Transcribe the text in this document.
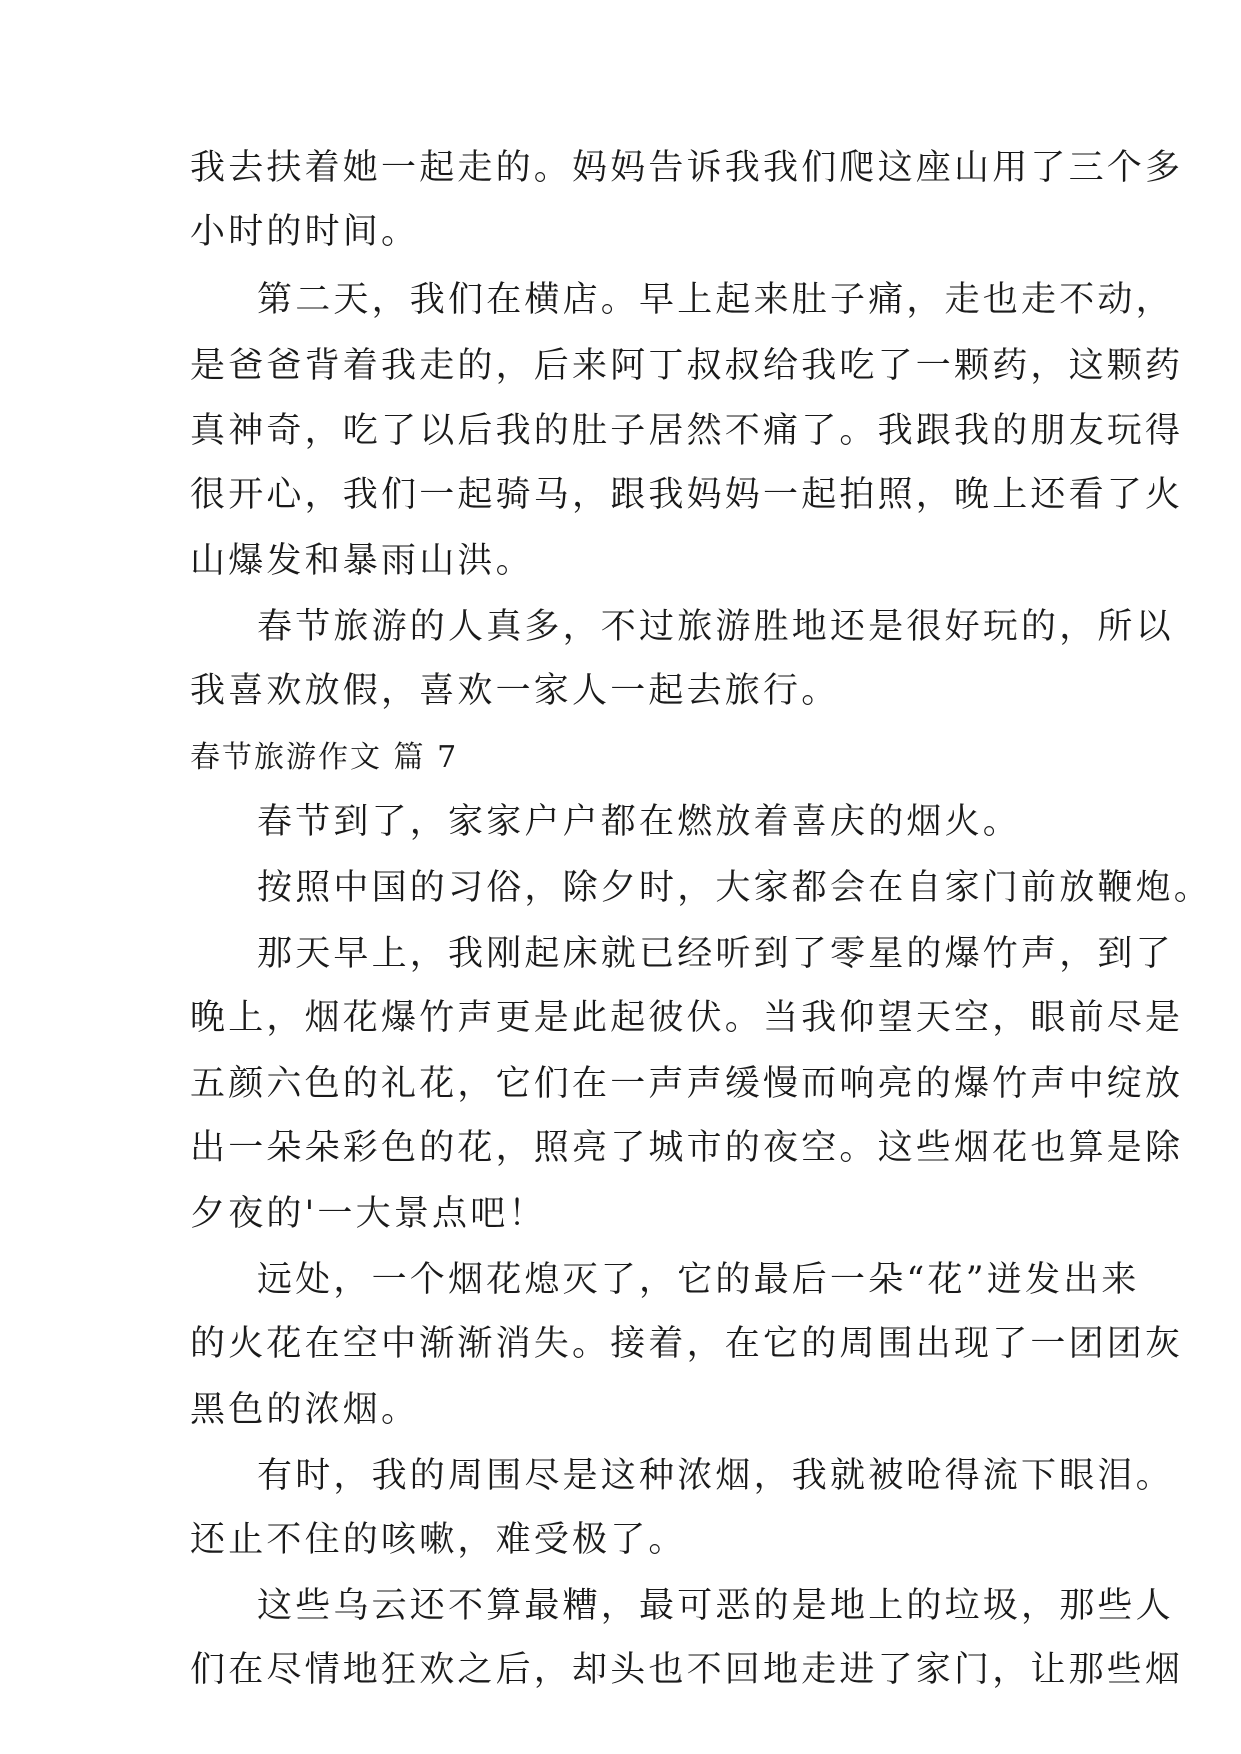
我去扶着她一起走的。妈妈告诉我我们爬这座山用了三个多
小时的时间。
第二天，我们在横店。早上起来肚子痛，走也走不动，
是爸爸背着我走的，后来阿丁叔叔给我吃了一颗药，这颗药
真神奇，吃了以后我的肚子居然不痛了。我跟我的朋友玩得
很开心，我们一起骑马，跟我妈妈一起拍照，晚上还看了火
山爆发和暴雨山洪。
春节旅游的人真多，不过旅游胜地还是很好玩的，所以
我喜欢放假，喜欢一家人一起去旅行。
春节旅游作文 篇 7
春节到了，家家户户都在燃放着喜庆的烟火。
按照中国的习俗，除夕时，大家都会在自家门前放鞭炮。
那天早上，我刚起床就已经听到了零星的爆竹声，到了
晚上，烟花爆竹声更是此起彼伏。当我仰望天空，眼前尽是
五颜六色的礼花，它们在一声声缓慢而响亮的爆竹声中绽放
出一朵朵彩色的花，照亮了城市的夜空。这些烟花也算是除
夕夜的'一大景点吧！
远处，一个烟花熄灭了，它的最后一朵“花”迸发出来
的火花在空中渐渐消失。接着，在它的周围出现了一团团灰
黑色的浓烟。
有时，我的周围尽是这种浓烟，我就被呛得流下眼泪。
还止不住的咳嗽，难受极了。
这些乌云还不算最糟，最可恶的是地上的垃圾，那些人
们在尽情地狂欢之后，却头也不回地走进了家门，让那些烟
